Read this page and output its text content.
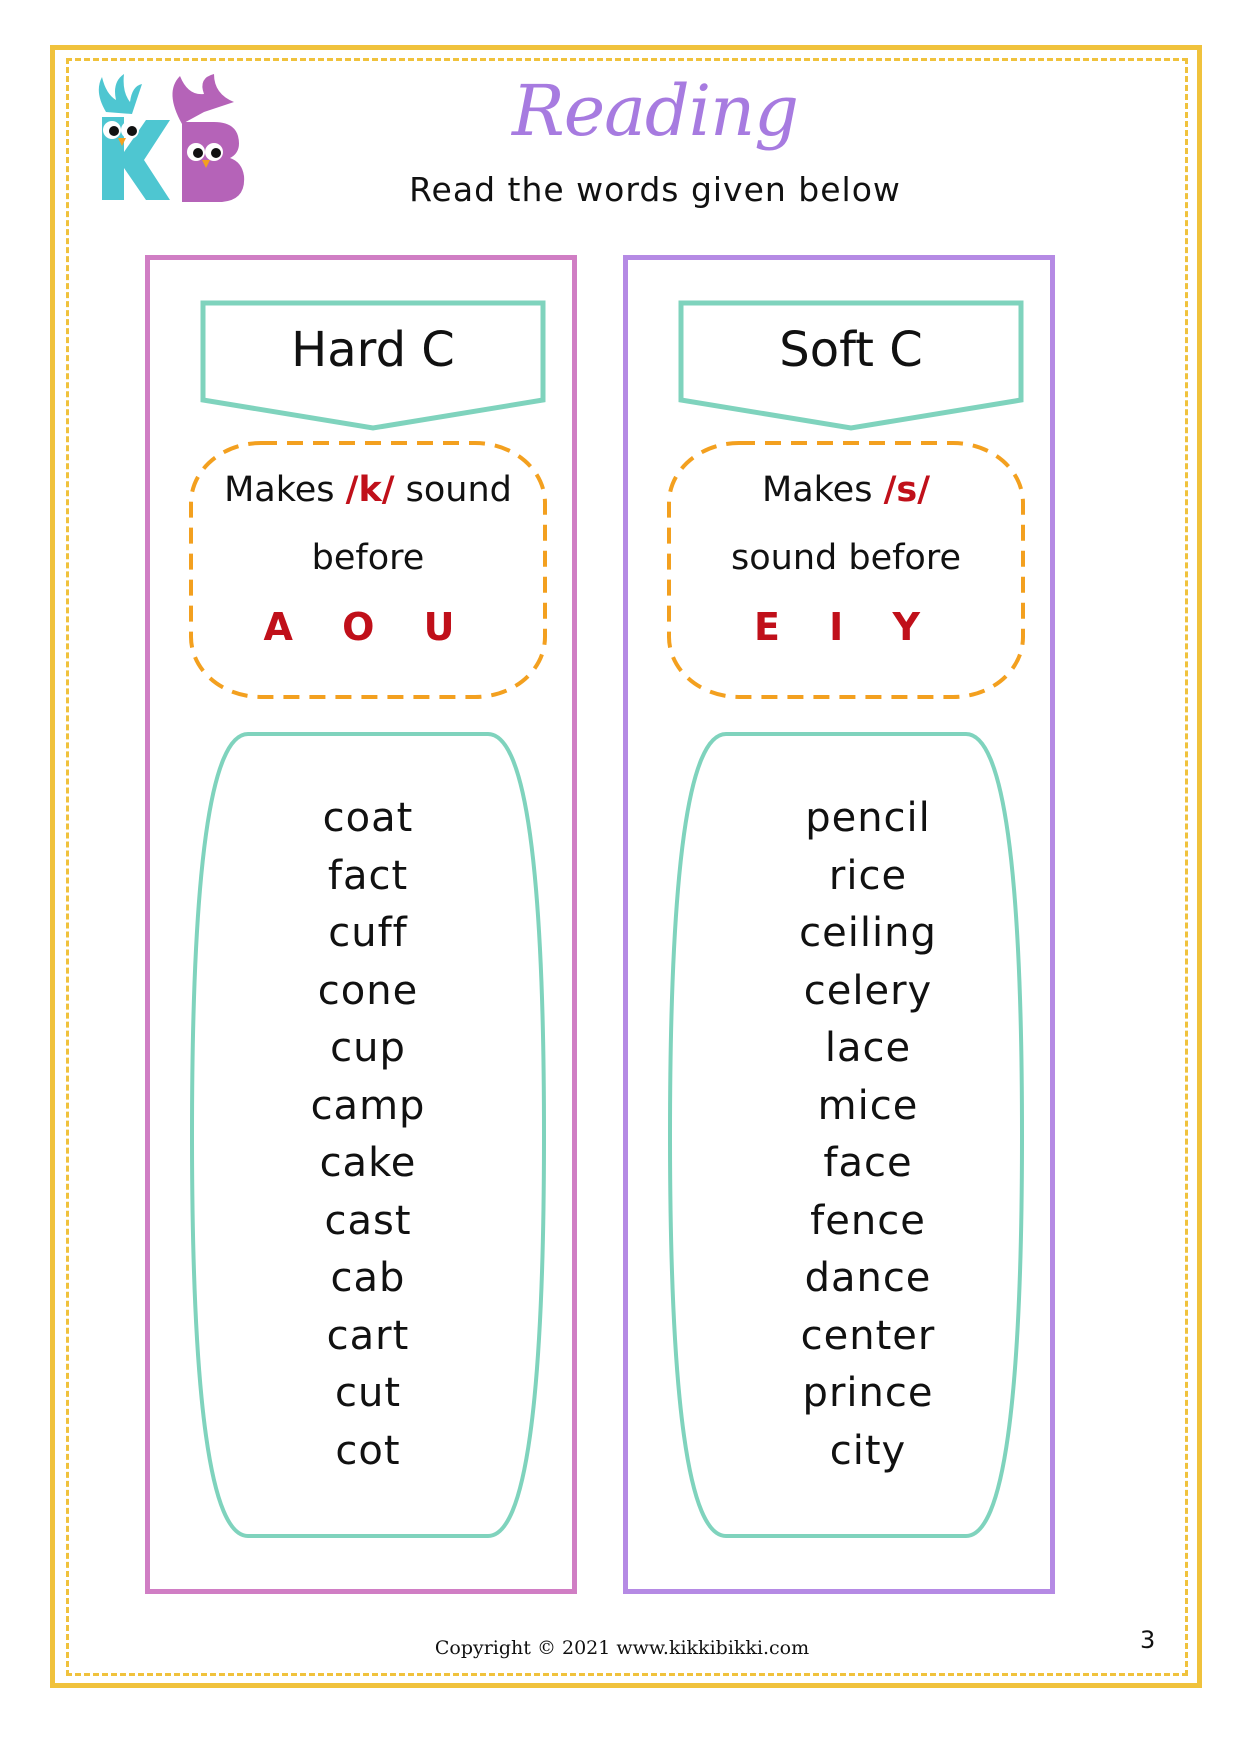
Reading
Read the words given below
Hard C
Makes /k/ sound
before
A O U
coat
fact
cuff
cone
cup
camp
cake
cast
cab
cart
cut
cot
Soft C
Makes /s/
sound before
E I Y
pencil
rice
ceiling
celery
lace
mice
face
fence
dance
center
prince
city
Copyright © 2021 www.kikkibikki.com	3
